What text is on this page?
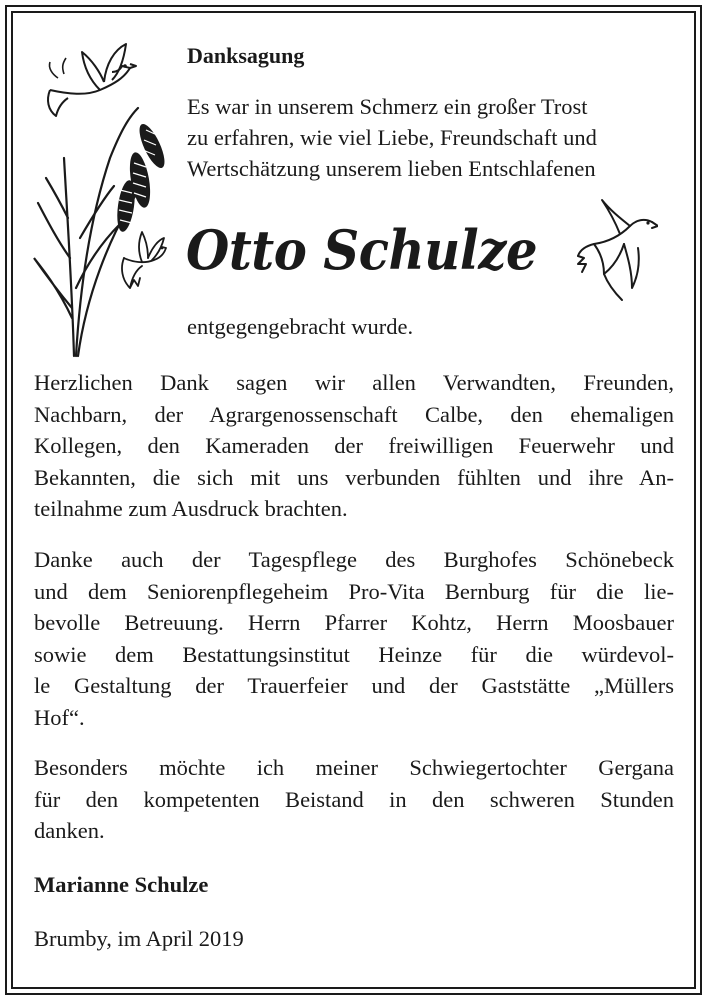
Danksagung

Es war in unserem Schmerz ein großer Trost
zu erfahren, wie viel Liebe, Freundschaft und
Wertschätzung unserem lieben Entschlafenen

Otto Schulze

entgegengebracht wurde.

Herzlichen Dank sagen wir allen Verwandten, Freunden,
Nachbarn, der Agrargenossenschaft Calbe, den ehemaligen
Kollegen, den Kameraden der freiwilligen Feuerwehr und
Bekannten, die sich mit uns verbunden fühlten und ihre An-
teilnahme zum Ausdruck brachten.

Danke auch der Tagespflege des Burghofes Schönebeck
und dem Seniorenpflegeheim Pro-Vita Bernburg für die lie-
bevolle Betreuung. Herrn Pfarrer Kohtz, Herrn Moosbauer
sowie dem Bestattungsinstitut Heinze für die würdevol-
le Gestaltung der Trauerfeier und der Gaststätte „Müllers
Hof“.

Besonders möchte ich meiner Schwiegertochter Gergana
für den kompetenten Beistand in den schweren Stunden
danken.

Marianne Schulze

Brumby, im April 2019
